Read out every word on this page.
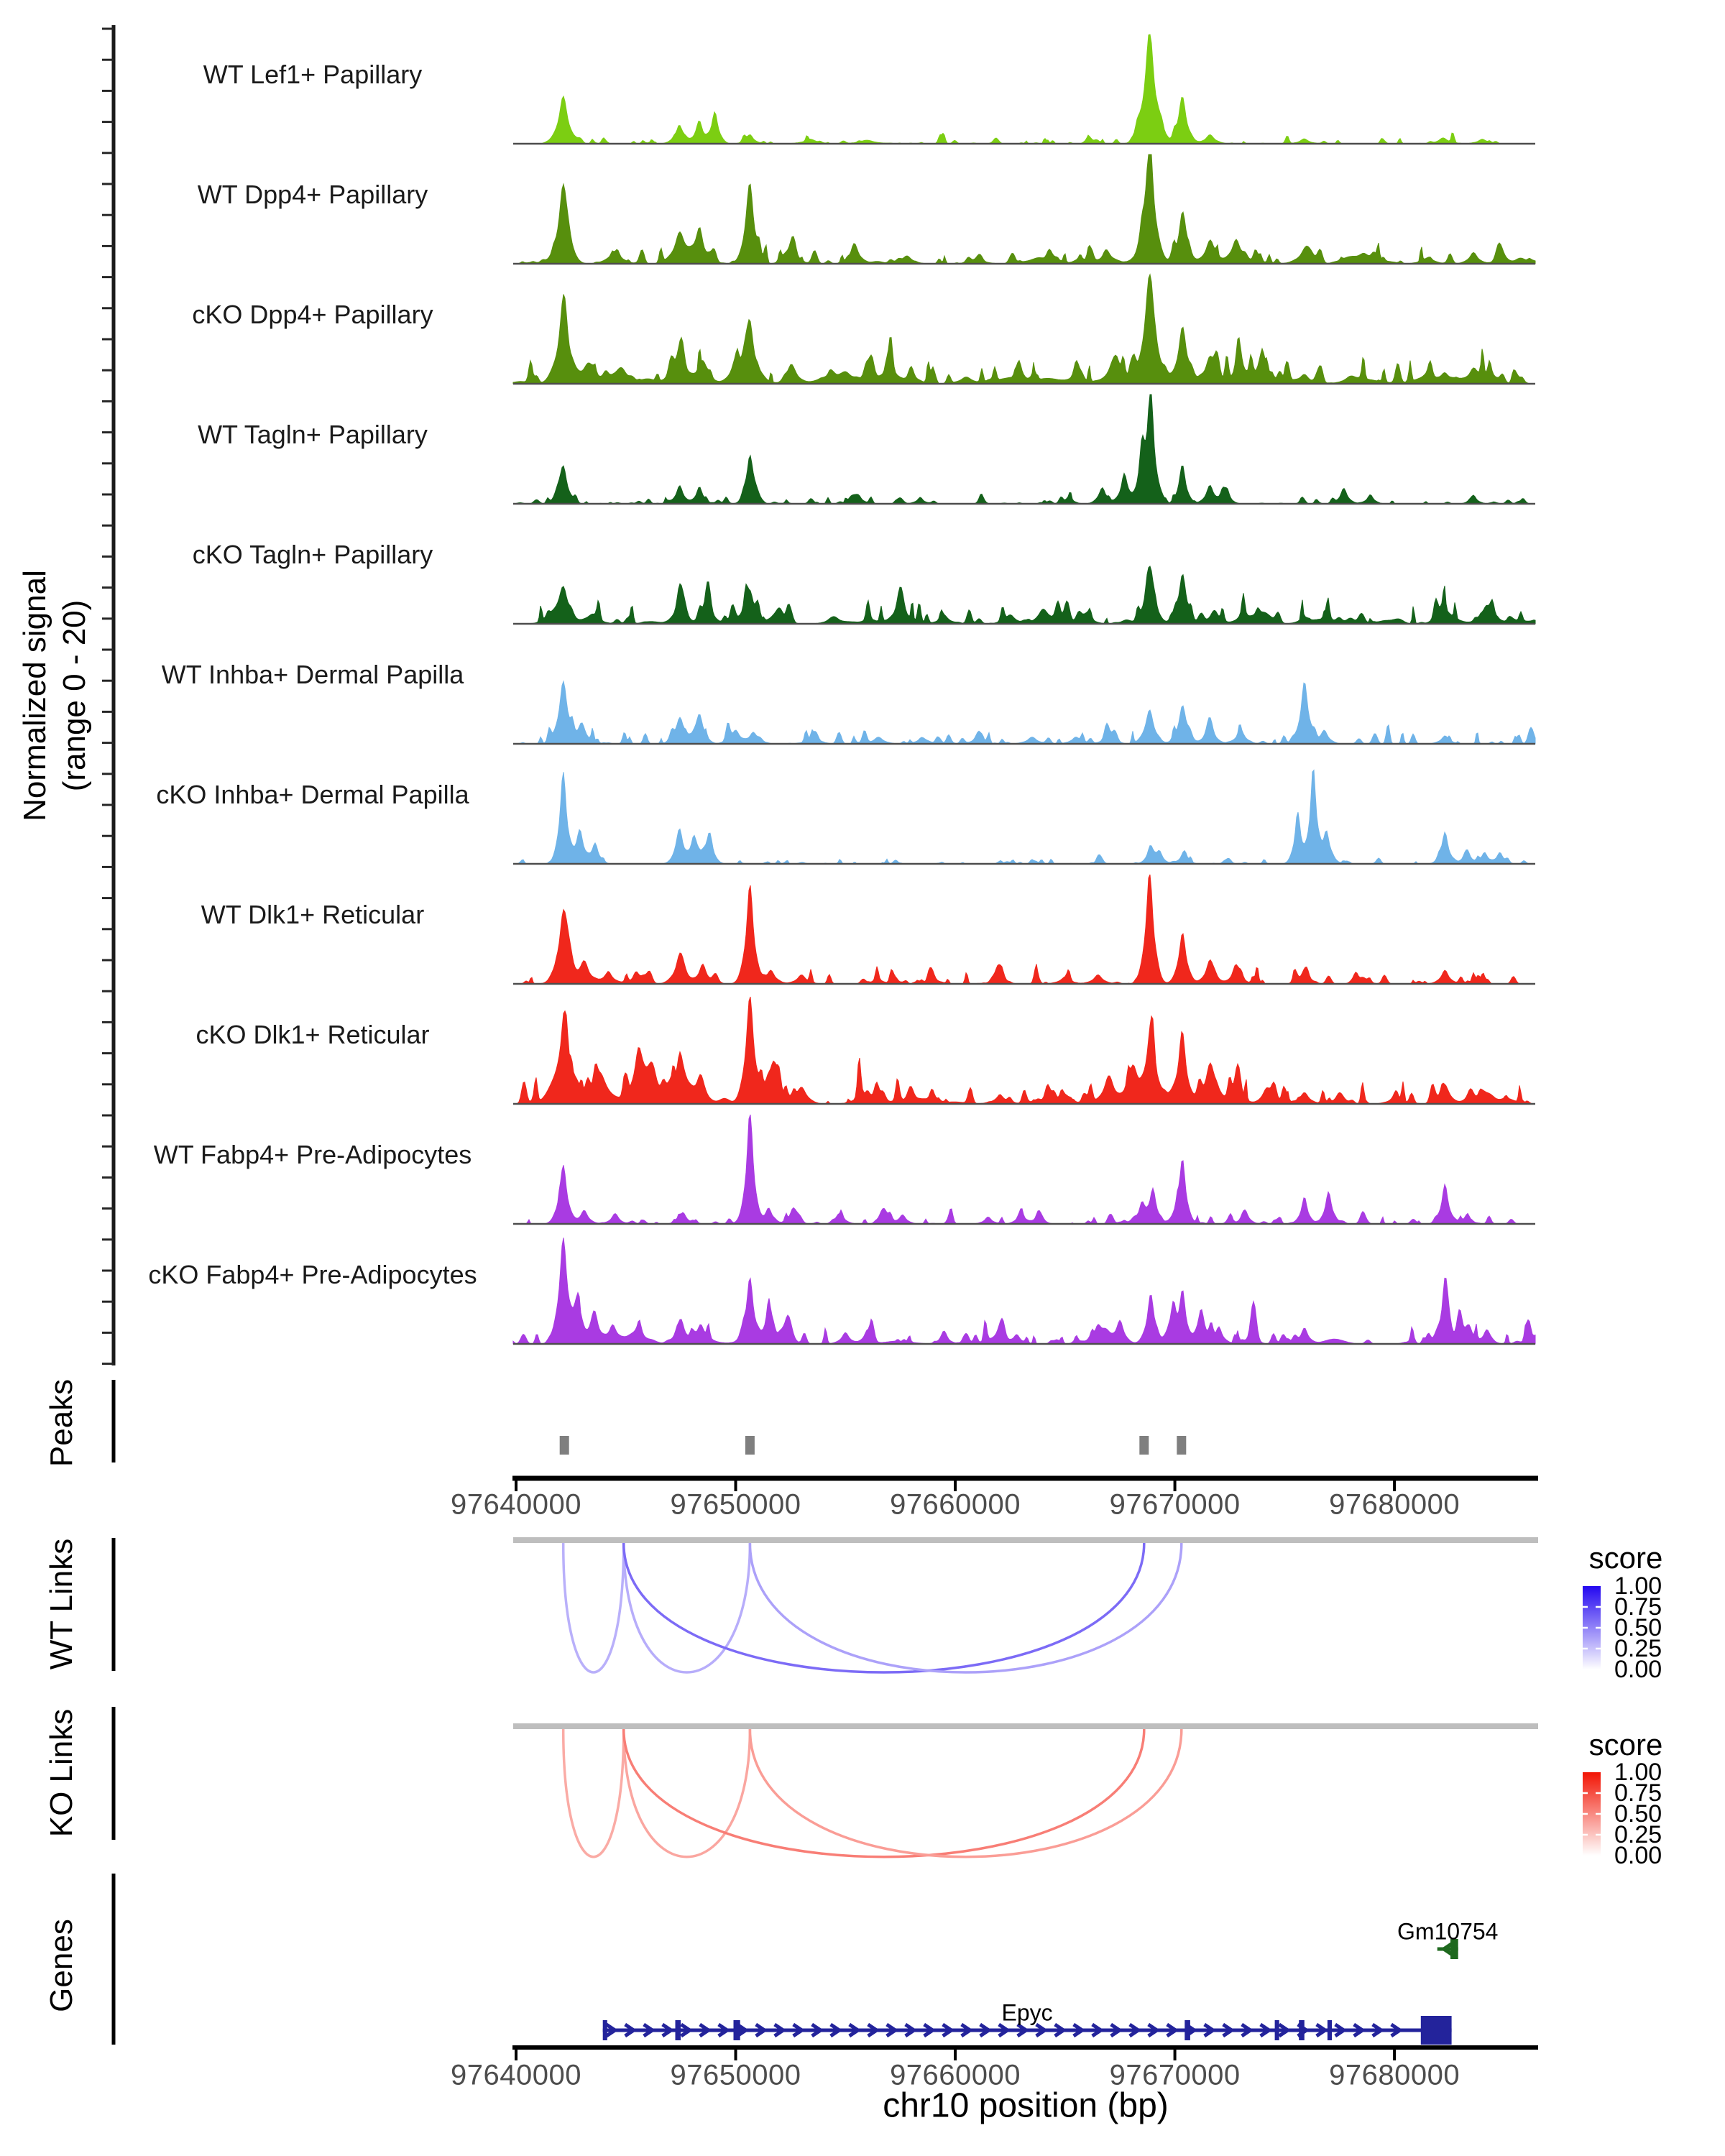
Normalized signal (range 0 - 20)
Peaks
WT Links
KO Links
Genes
score
score
chr10 position (bp)
WT Lef1+ Papillary
WT Dpp4+ Papillary
cKO Dpp4+ Papillary
WT Tagln+ Papillary
cKO Tagln+ Papillary
WT Inhba+ Dermal Papilla
cKO Inhba+ Dermal Papilla
WT Dlk1+ Reticular
cKO Dlk1+ Reticular
WT Fabp4+ Pre-Adipocytes
cKO Fabp4+ Pre-Adipocytes
97640000	97650000	97660000	97670000	97680000
1.00
0.75
0.50
0.25
0.00
1.00
0.75
0.50
0.25
0.00
Epyc
Gm10754
97640000	97650000	97660000	97670000	97680000
